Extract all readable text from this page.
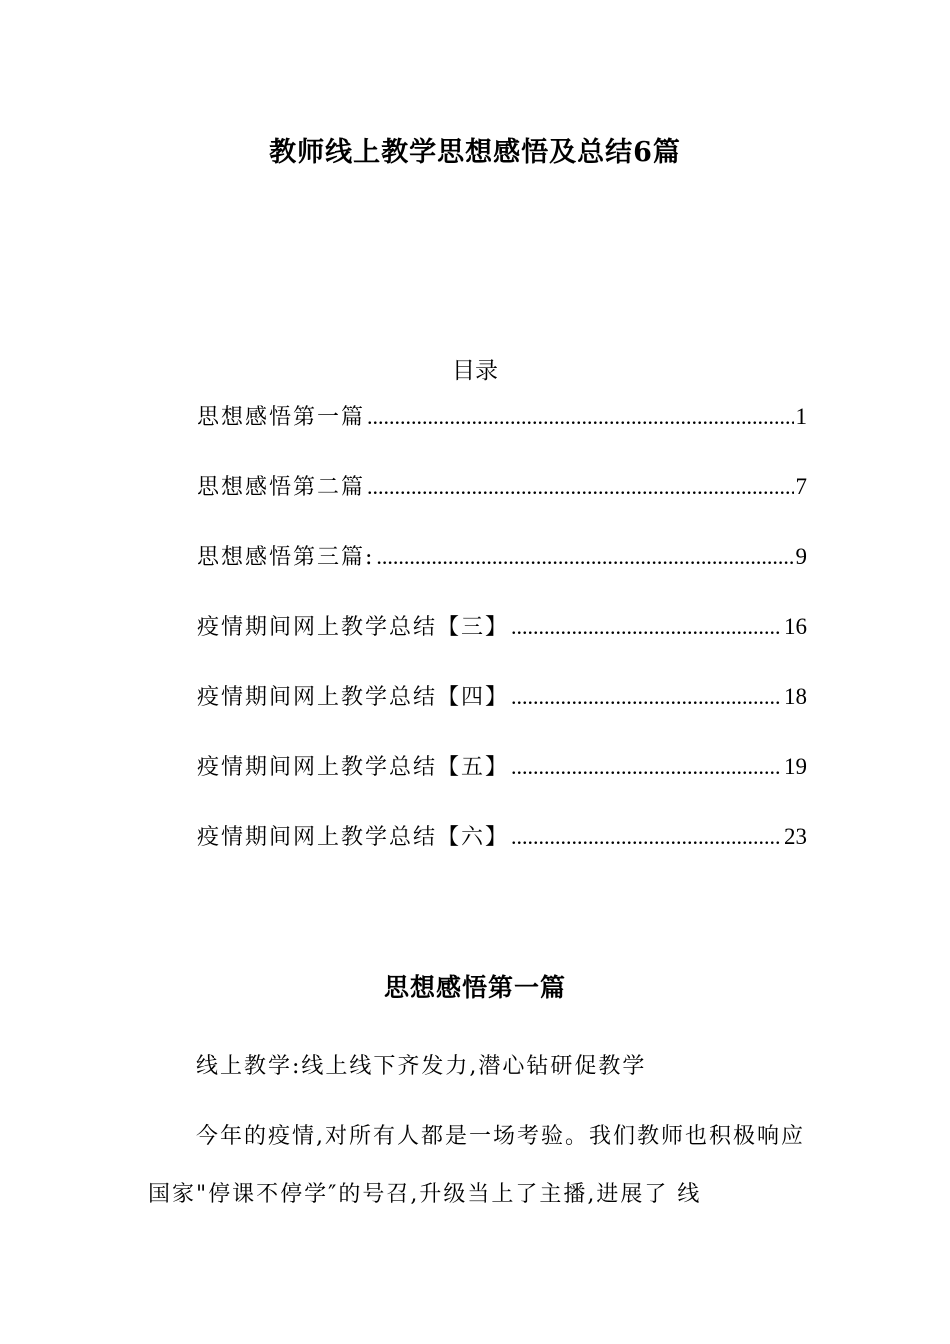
教师线上教学思想感悟及总结6篇
目录
思想感悟第一篇 .....	1
思想感悟第二篇 .....	7
思想感悟第三篇: .....	9
疫情期间网上教学总结【三】 .....	16
疫情期间网上教学总结【四】 .....	18
疫情期间网上教学总结【五】 .....	19
疫情期间网上教学总结【六】 .....	23
思想感悟第一篇
线上教学:线上线下齐发力,潜心钻研促教学
今年的疫情,对所有人都是一场考验。我们教师也积极响应国家"停课不停学″的号召,升级当上了主播,进展了 线
